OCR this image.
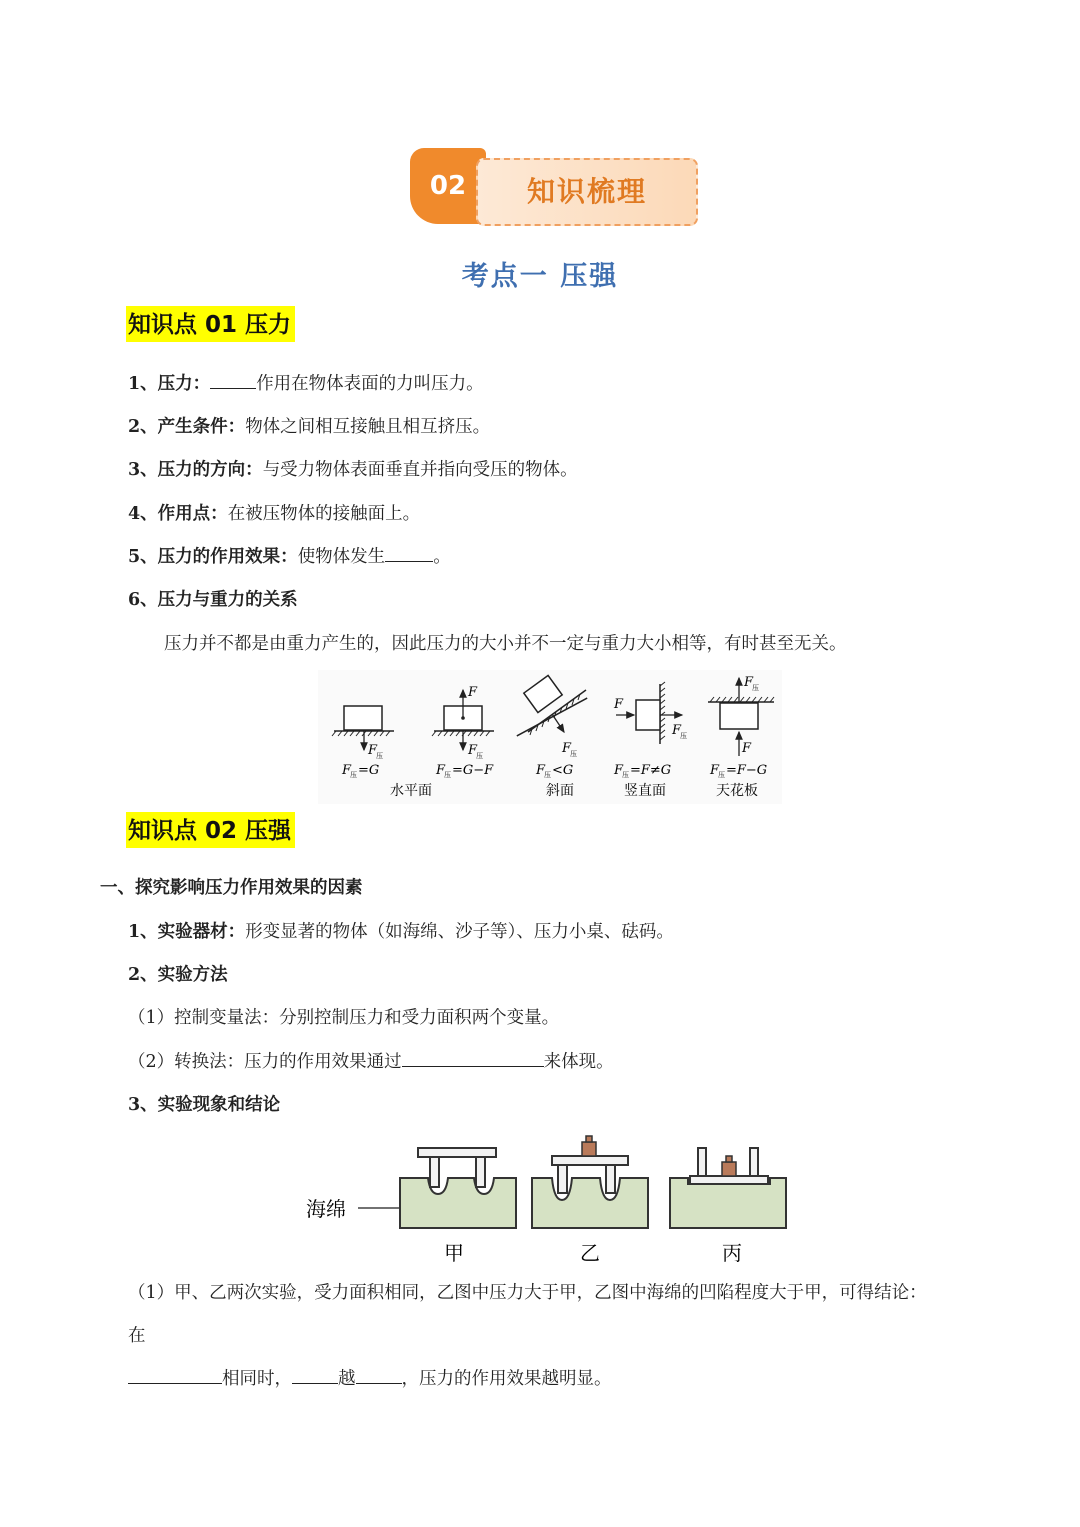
02	知识梳理
考点一 压强
知识点 01 压力
1、压力：	作用在物体表面的力叫压力。
2、产生条件：物体之间相互接触且相互挤压。
3、压力的方向：与受力物体表面垂直并指向受压的物体。
4、作用点：在被压物体的接触面上。
5、压力的作用效果：使物体发生	。
6、压力与重力的关系
压力并不都是由重力产生的，因此压力的大小并不一定与重力大小相等，有时甚至无关。
F
压
F
压 =G
F
F
压
F
压 =G−F
水平面
F
压
F
压 <G
斜面
F
F
压
F
压 =F≠G
竖直面
F
压
F
F
压 =F−G
天花板
知识点 02 压强
一、探究影响压力作用效果的因素
1、实验器材：形变显著的物体（如海绵、沙子等）、压力小桌、砝码。
2、实验方法
（1）控制变量法：分别控制压力和受力面积两个变量。
（2）转换法：压力的作用效果通过	来体现。
3、实验现象和结论
海绵
甲	乙	丙
（1）甲、乙两次实验，受力面积相同，乙图中压力大于甲，乙图中海绵的凹陷程度大于甲，可得结论：
在
相同时，	越	，压力的作用效果越明显。
